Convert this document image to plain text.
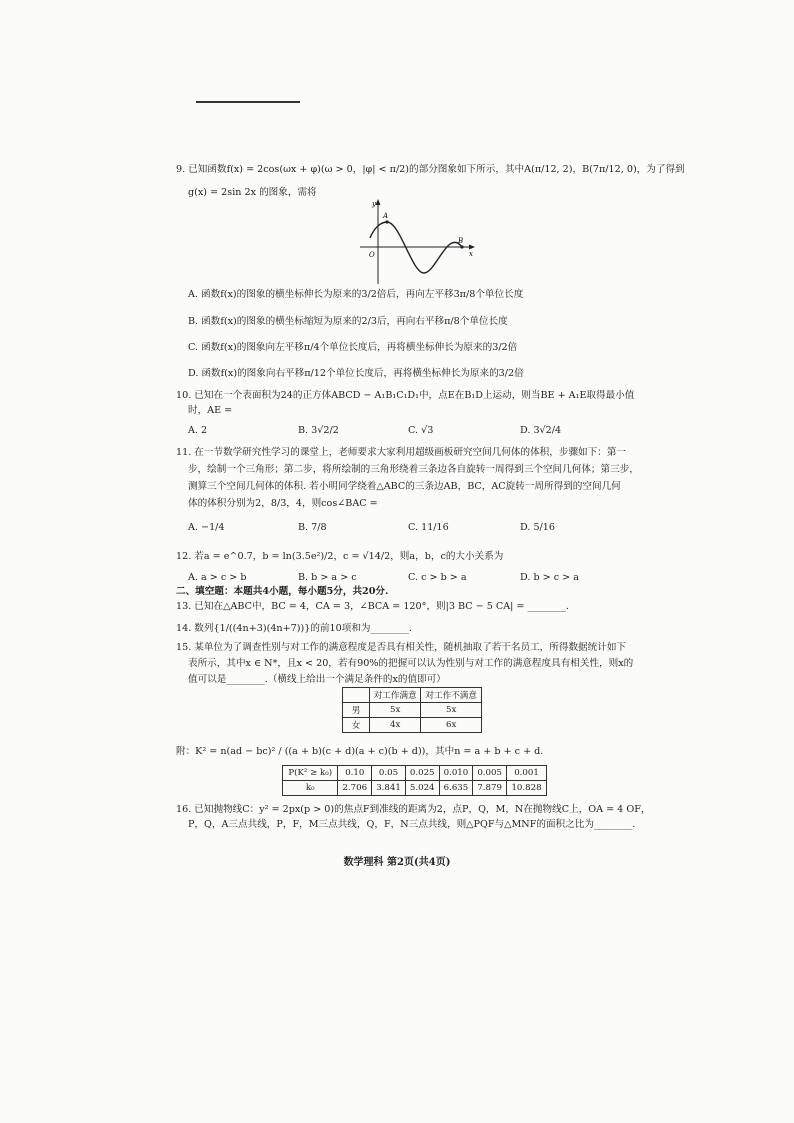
9. 已知函数f(x) = 2cos(ωx + φ)(ω > 0，|φ| < π/2)的部分图象如下所示，其中A(π/12, 2)，B(7π/12, 0)，为了得到
g(x) = 2sin 2x 的图象，需将
y
A
O
B
x
A. 函数f(x)的图象的横坐标伸长为原来的3/2倍后，再向左平移3π/8个单位长度
B. 函数f(x)的图象的横坐标缩短为原来的2/3后，再向右平移π/8个单位长度
C. 函数f(x)的图象向左平移π/4个单位长度后，再将横坐标伸长为原来的3/2倍
D. 函数f(x)的图象向右平移π/12个单位长度后，再将横坐标伸长为原来的3/2倍
10. 已知在一个表面积为24的正方体ABCD − A₁B₁C₁D₁中，点E在B₁D上运动，则当BE + A₁E取得最小值
时，AE =
A. 2	B. 3√2/2	C. √3	D. 3√2/4
11. 在一节数学研究性学习的课堂上，老师要求大家利用超级画板研究空间几何体的体积，步骤如下：第一
步，绘制一个三角形；第二步，将所绘制的三角形绕着三条边各自旋转一周得到三个空间几何体；第三步，
测算三个空间几何体的体积. 若小明同学绕着△ABC的三条边AB，BC，AC旋转一周所得到的空间几何
体的体积分别为2，8/3，4，则cos∠BAC =
A. −1/4	B. 7/8	C. 11/16	D. 5/16
12. 若a = e^0.7，b = ln(3.5e²)/2，c = √14/2，则a，b，c的大小关系为
A. a > c > b	B. b > a > c	C. c > b > a	D. b > c > a
二、填空题：本题共4小题，每小题5分，共20分.
13. 已知在△ABC中，BC = 4，CA = 3，∠BCA = 120°，则|3 BC − 5 CA| = ________.
14. 数列{1/((4n+3)(4n+7))}的前10项和为________.
15. 某单位为了调查性别与对工作的满意程度是否具有相关性，随机抽取了若干名员工，所得数据统计如下
表所示，其中x ∈ N*，且x < 20，若有90%的把握可以认为性别与对工作的满意程度具有相关性，则x的
值可以是________.（横线上给出一个满足条件的x的值即可）
	对工作满意	对工作不满意
男	5x	5x
女	4x	6x
附：K² = n(ad − bc)² / ((a + b)(c + d)(a + c)(b + d))，其中n = a + b + c + d.
P(K² ≥ k₀)	0.10	0.05	0.025	0.010	0.005	0.001
k₀	2.706	3.841	5.024	6.635	7.879	10.828
16. 已知抛物线C：y² = 2px(p > 0)的焦点F到准线的距离为2，点P，Q，M，N在抛物线C上，OA = 4 OF，
P，Q，A三点共线，P，F，M三点共线，Q，F，N三点共线，则△PQF与△MNF的面积之比为________.
数学理科 第2页(共4页)
